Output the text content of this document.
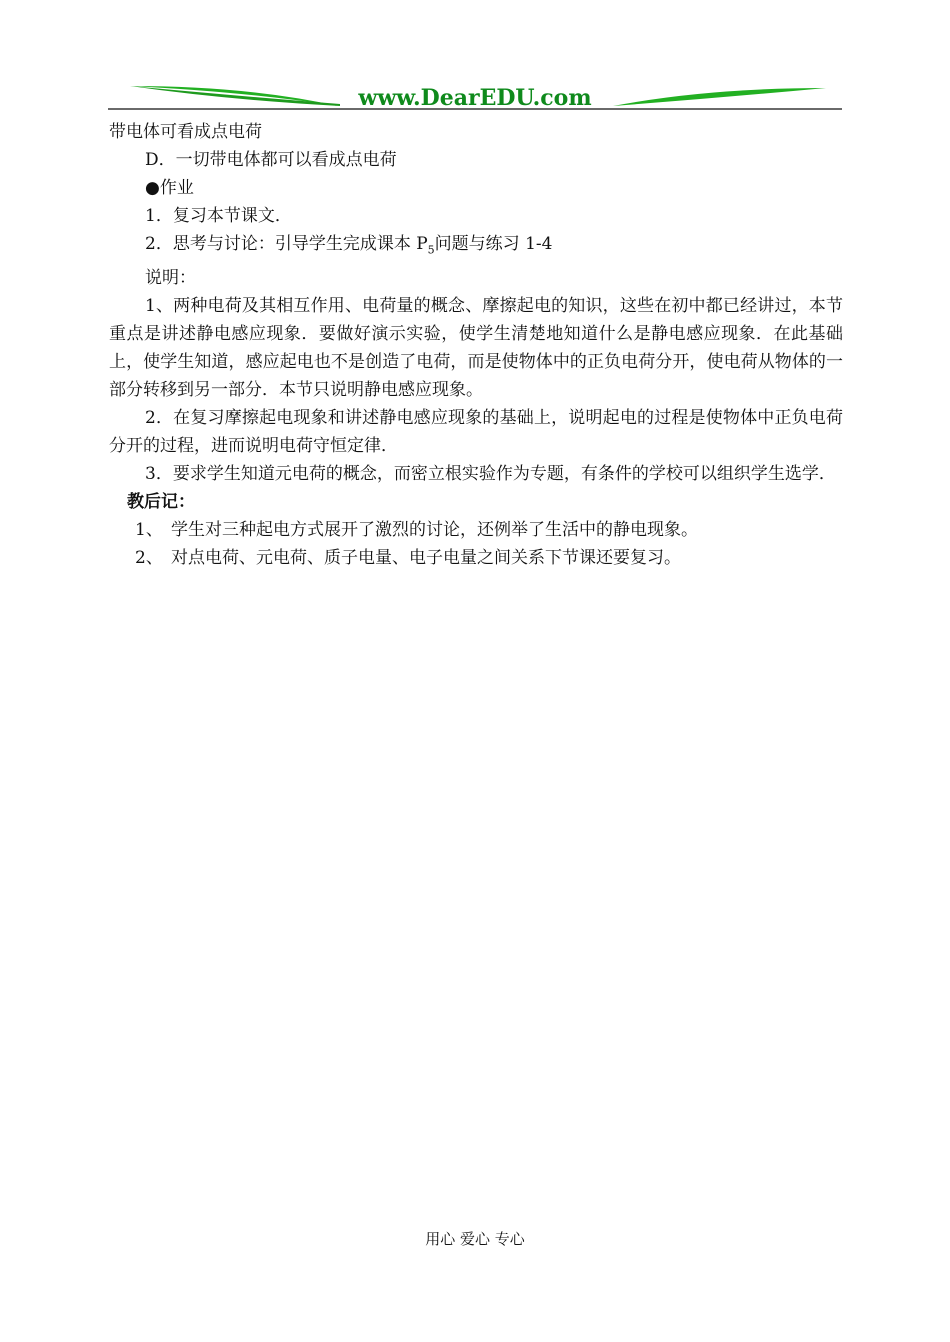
www.DearEDU.com

带电体可看成点电荷

D．一切带电体都可以看成点电荷

●作业

1．复习本节课文．

2．思考与讨论：引导学生完成课本 $P_5$问题与练习 1-4

说明：

1、两种电荷及其相互作用、电荷量的概念、摩擦起电的知识，这些在初中都已经讲过，本节重点是讲述静电感应现象．要做好演示实验，使学生清楚地知道什么是静电感应现象．在此基础上，使学生知道，感应起电也不是创造了电荷，而是使物体中的正负电荷分开，使电荷从物体的一部分转移到另一部分．本节只说明静电感应现象。

2．在复习摩擦起电现象和讲述静电感应现象的基础上，说明起电的过程是使物体中正负电荷分开的过程，进而说明电荷守恒定律．

3．要求学生知道元电荷的概念，而密立根实验作为专题，有条件的学校可以组织学生选学．

教后记：

1、 学生对三种起电方式展开了激烈的讨论，还例举了生活中的静电现象。

2、 对点电荷、元电荷、质子电量、电子电量之间关系下节课还要复习。

用心 爱心 专心
